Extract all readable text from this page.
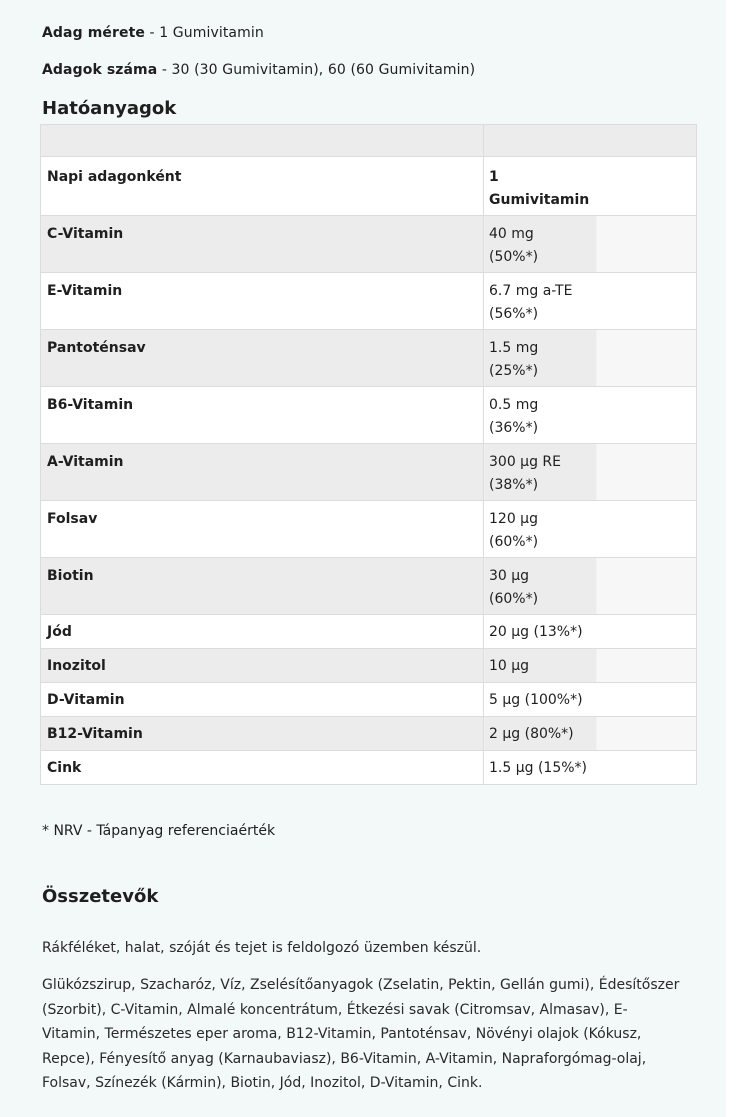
Adag mérete - 1 Gumivitamin
Adagok száma - 30 (30 Gumivitamin), 60 (60 Gumivitamin)
Hatóanyagok

Napi adagonként	1
Gumivitamin

C-Vitamin	40 mg
(50%*)

E-Vitamin	6.7 mg a-TE
(56%*)

Pantoténsav	1.5 mg
(25%*)

B6-Vitamin	0.5 mg
(36%*)

A-Vitamin	300 µg RE
(38%*)

Folsav	120 µg
(60%*)

Biotin	30 µg
(60%*)

Jód	20 µg (13%*)

Inozitol	10 µg

D-Vitamin	5 µg (100%*)

B12-Vitamin	2 µg (80%*)

Cink	1.5 µg (15%*)
* NRV - Tápanyag referenciaérték
Összetevők
Rákféléket, halat, szóját és tejet is feldolgozó üzemben készül.
Glükózszirup, Szacharóz, Víz, Zselésítőanyagok (Zselatin, Pektin, Gellán gumi), Édesítőszer (Szorbit), C-Vitamin, Almalé koncentrátum, Étkezési savak (Citromsav, Almasav), E-Vitamin, Természetes eper aroma, B12-Vitamin, Pantoténsav, Növényi olajok (Kókusz, Repce), Fényesítő anyag (Karnaubaviasz), B6-Vitamin, A-Vitamin, Napraforgómag-olaj, Folsav, Színezék (Kármin), Biotin, Jód, Inozitol, D-Vitamin, Cink.
